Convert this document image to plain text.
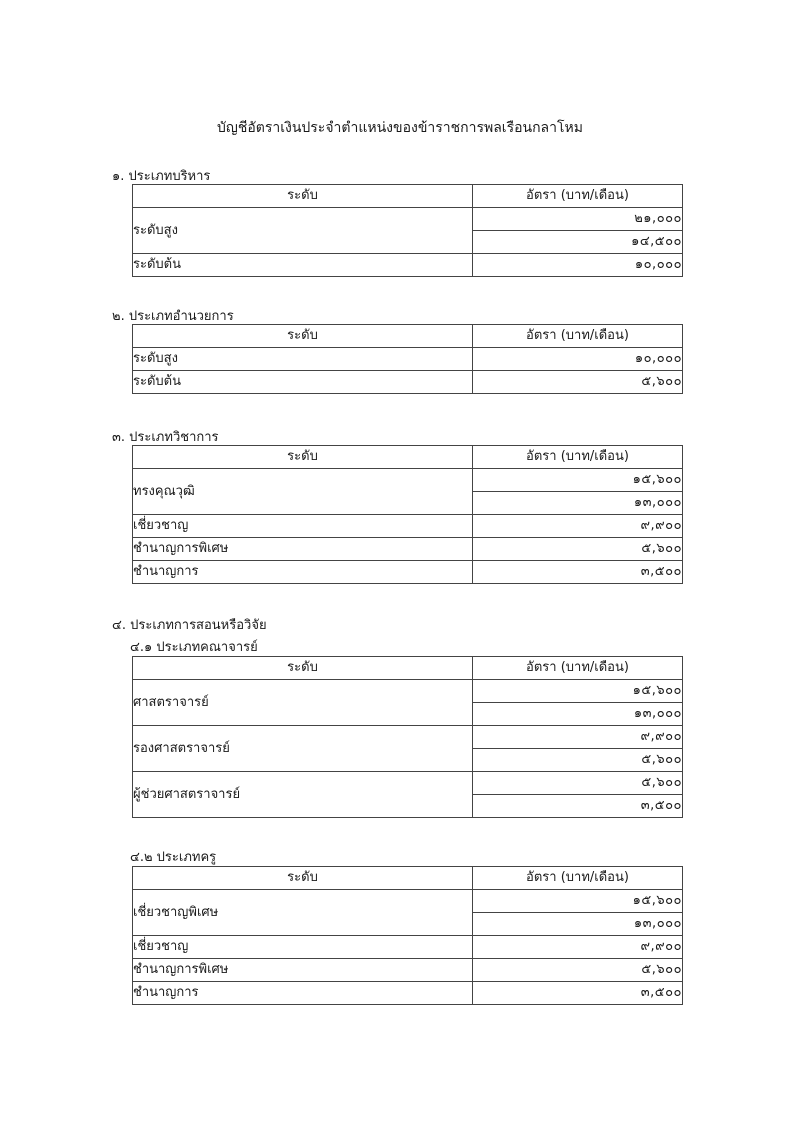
บัญชีอัตราเงินประจำตำแหน่งของข้าราชการพลเรือนกลาโหม
๑. ประเภทบริหาร
ระดับ	อัตรา (บาท/เดือน)
ระดับสูง	๒๑,๐๐๐
	๑๔,๕๐๐
ระดับต้น	๑๐,๐๐๐
๒. ประเภทอำนวยการ
ระดับ	อัตรา (บาท/เดือน)
ระดับสูง	๑๐,๐๐๐
ระดับต้น	๕,๖๐๐
๓. ประเภทวิชาการ
ระดับ	อัตรา (บาท/เดือน)
ทรงคุณวุฒิ	๑๕,๖๐๐
	๑๓,๐๐๐
เชี่ยวชาญ	๙,๙๐๐
ชำนาญการพิเศษ	๕,๖๐๐
ชำนาญการ	๓,๕๐๐
๔. ประเภทการสอนหรือวิจัย
๔.๑ ประเภทคณาจารย์
ระดับ	อัตรา (บาท/เดือน)
ศาสตราจารย์	๑๕,๖๐๐
	๑๓,๐๐๐
รองศาสตราจารย์	๙,๙๐๐
	๕,๖๐๐
ผู้ช่วยศาสตราจารย์	๕,๖๐๐
	๓,๕๐๐
๔.๒ ประเภทครู
ระดับ	อัตรา (บาท/เดือน)
เชี่ยวชาญพิเศษ	๑๕,๖๐๐
	๑๓,๐๐๐
เชี่ยวชาญ	๙,๙๐๐
ชำนาญการพิเศษ	๕,๖๐๐
ชำนาญการ	๓,๕๐๐
